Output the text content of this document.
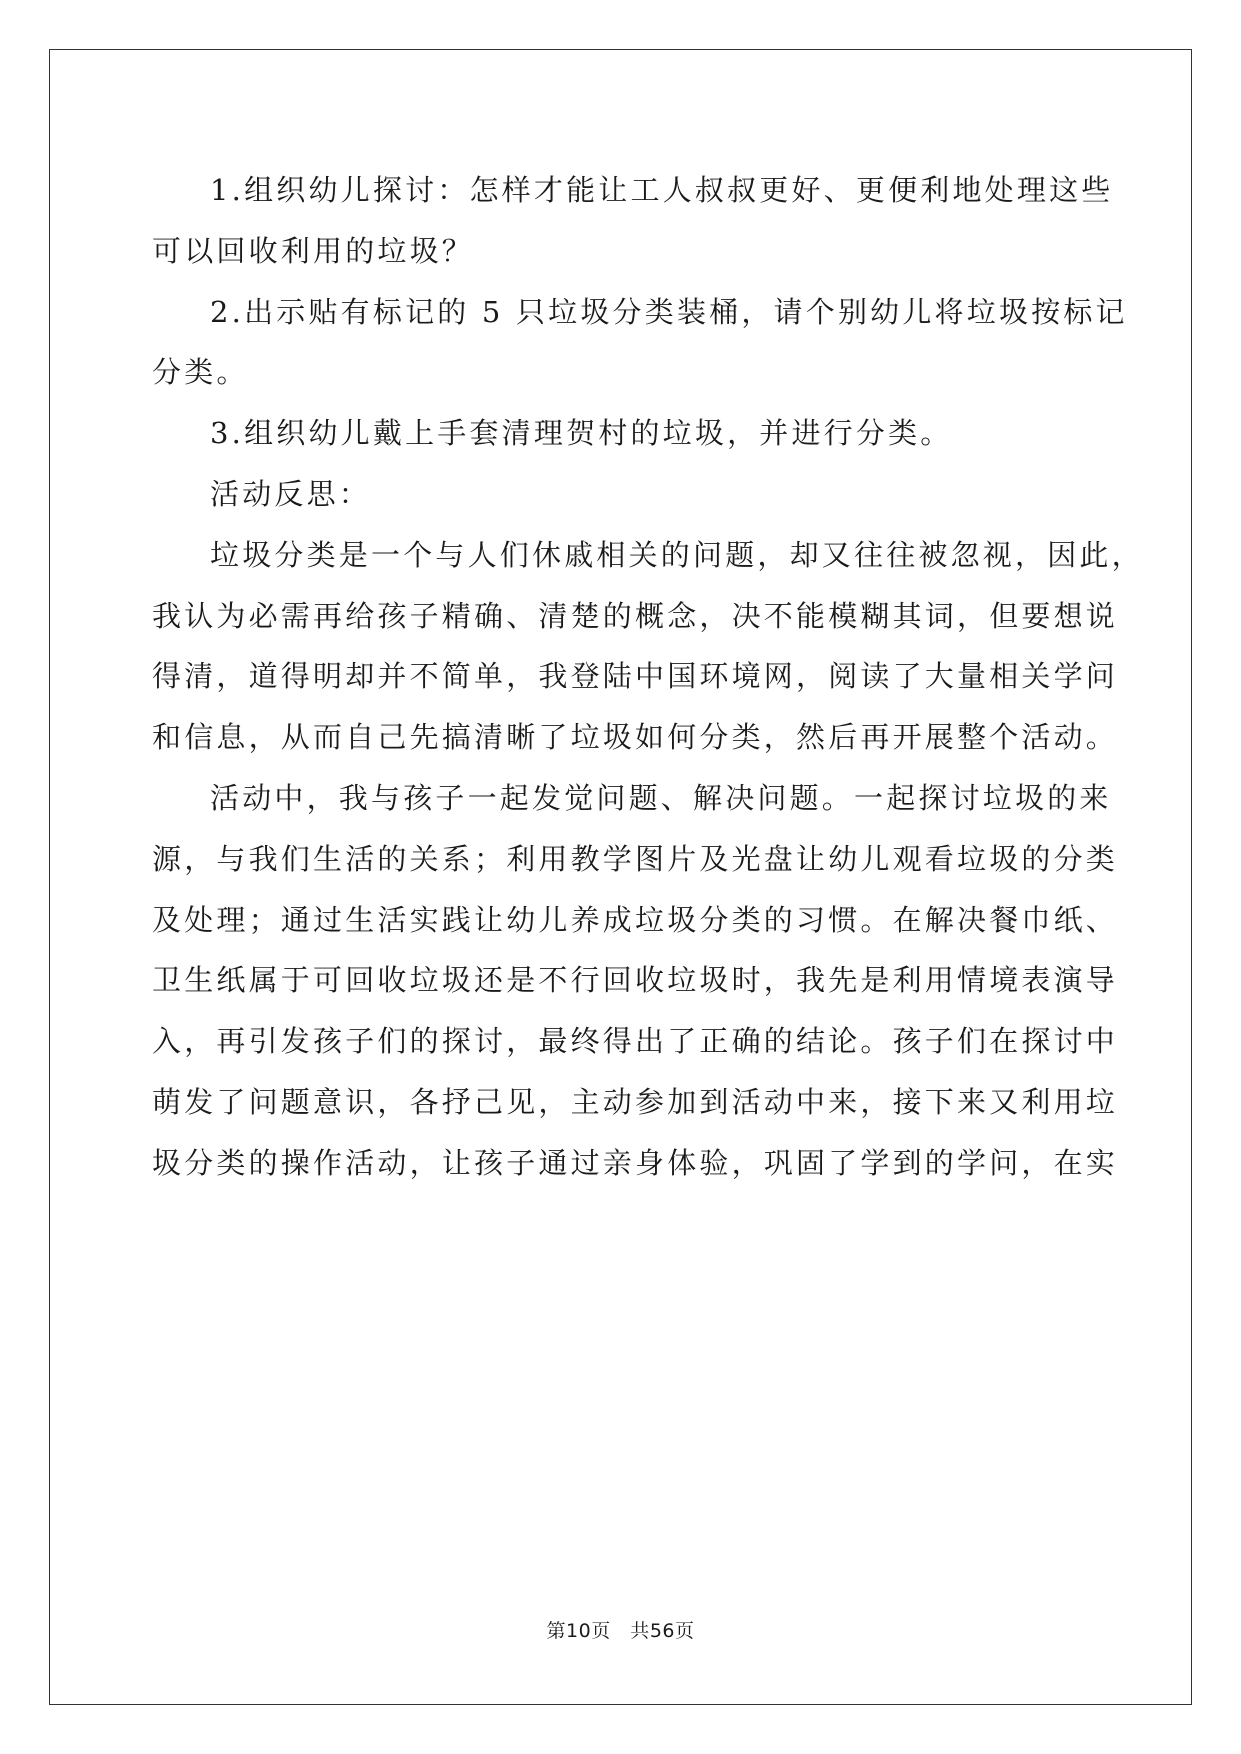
1.组织幼儿探讨：怎样才能让工人叔叔更好、更便利地处理这些
可以回收利用的垃圾？

2.出示贴有标记的 5 只垃圾分类装桶，请个别幼儿将垃圾按标记
分类。

3.组织幼儿戴上手套清理贺村的垃圾，并进行分类。

活动反思：

垃圾分类是一个与人们休戚相关的问题，却又往往被忽视，因此，
我认为必需再给孩子精确、清楚的概念，决不能模糊其词，但要想说
得清，道得明却并不简单，我登陆中国环境网，阅读了大量相关学问
和信息，从而自己先搞清晰了垃圾如何分类，然后再开展整个活动。

活动中，我与孩子一起发觉问题、解决问题。一起探讨垃圾的来
源，与我们生活的关系；利用教学图片及光盘让幼儿观看垃圾的分类
及处理；通过生活实践让幼儿养成垃圾分类的习惯。在解决餐巾纸、
卫生纸属于可回收垃圾还是不行回收垃圾时，我先是利用情境表演导
入，再引发孩子们的探讨，最终得出了正确的结论。孩子们在探讨中
萌发了问题意识，各抒己见，主动参加到活动中来，接下来又利用垃
圾分类的操作活动，让孩子通过亲身体验，巩固了学到的学问，在实

第10页   共56页
